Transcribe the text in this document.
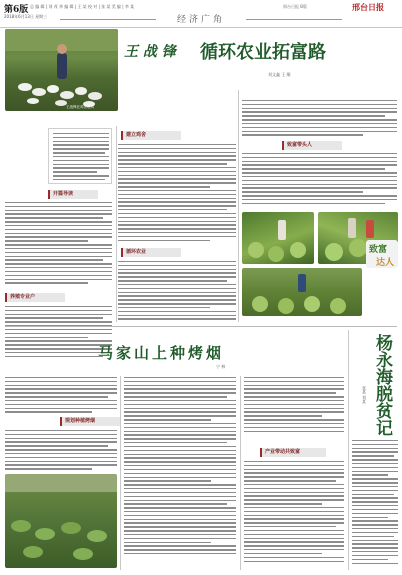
第6版 总 编 辑 | 刘 茂 华 编 辑 | 王 某 校 对 | 张 某 美 编 | 李 某
2018年6月13日 星期三
邢台日报 B版	邢台日报
经济广角
王战锋在鸡舍喂鸡
王 战 锋 循环农业拓富路
刘文鑫 王 顺
开篇导读
养殖专业户
建立鸡舍
循环农业
致富带头人
致富
达人
马家山上种烤烟
宁 林
规划种植烤烟
产业带动共致富
杨永海脱贫记
张某 刘某
